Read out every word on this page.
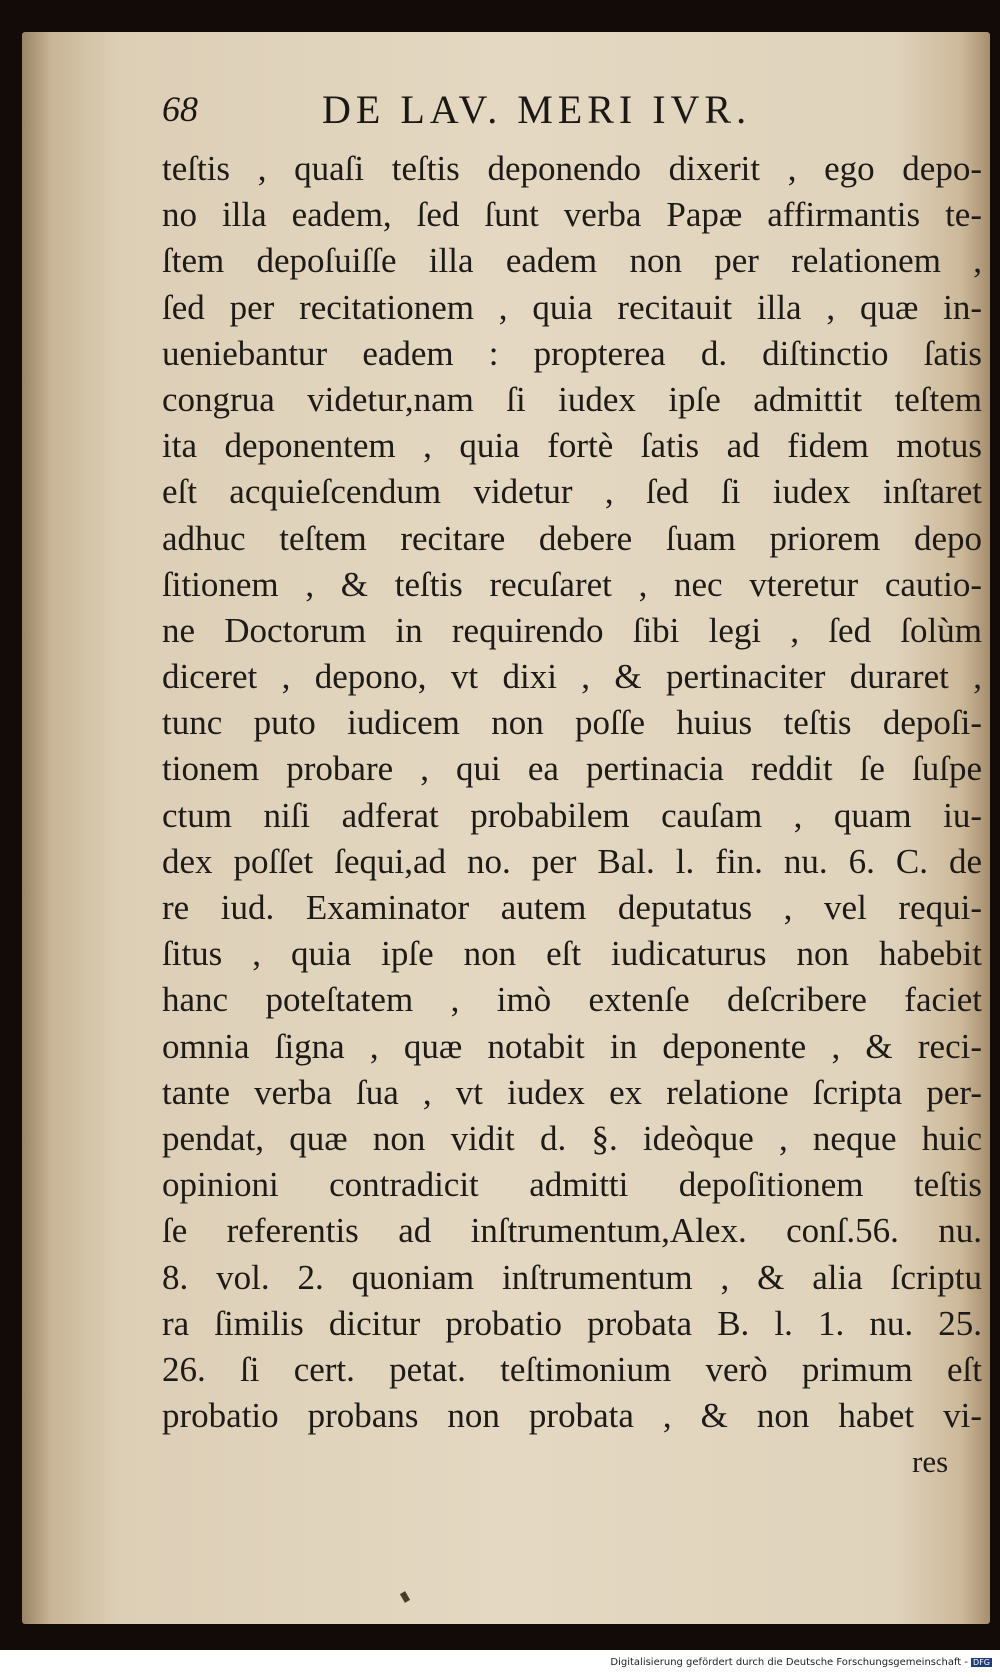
68	DE LAV. MERI IVR.
teſtis , quaſi teſtis deponendo dixerit , ego depo-
no illa eadem, ſed ſunt verba Papæ affirmantis te-
ſtem depoſuiſſe illa eadem non per relationem ,
ſed per recitationem , quia recitauit illa , quæ in-
ueniebantur eadem : propterea d. diſtinctio ſatis
congrua videtur,nam ſi iudex ipſe admittit teſtem
ita deponentem , quia fortè ſatis ad fidem motus
eſt acquieſcendum videtur , ſed ſi iudex inſtaret
adhuc teſtem recitare debere ſuam priorem depo
ſitionem , & teſtis recuſaret , nec vteretur cautio-
ne Doctorum in requirendo ſibi legi , ſed ſolùm
diceret , depono, vt dixi , & pertinaciter duraret ,
tunc puto iudicem non poſſe huius teſtis depoſi-
tionem probare , qui ea pertinacia reddit ſe ſuſpe
ctum niſi adferat probabilem cauſam , quam iu-
dex poſſet ſequi,ad no. per Bal. l. fin. nu. 6. C. de
re iud. Examinator autem deputatus , vel requi-
ſitus , quia ipſe non eſt iudicaturus non habebit
hanc poteſtatem , imò extenſe deſcribere faciet
omnia ſigna , quæ notabit in deponente , & reci-
tante verba ſua , vt iudex ex relatione ſcripta per-
pendat, quæ non vidit d. §. ideòque , neque huic
opinioni contradicit admitti depoſitionem teſtis
ſe referentis ad inſtrumentum,Alex. conſ.56. nu.
8. vol. 2. quoniam inſtrumentum , & alia ſcriptu
ra ſimilis dicitur probatio probata B. l. 1. nu. 25.
26. ſi cert. petat. teſtimonium verò primum eſt
probatio probans non probata , & non habet vi-
res
Digitalisierung gefördert durch die Deutsche Forschungsgemeinschaft - DFG
